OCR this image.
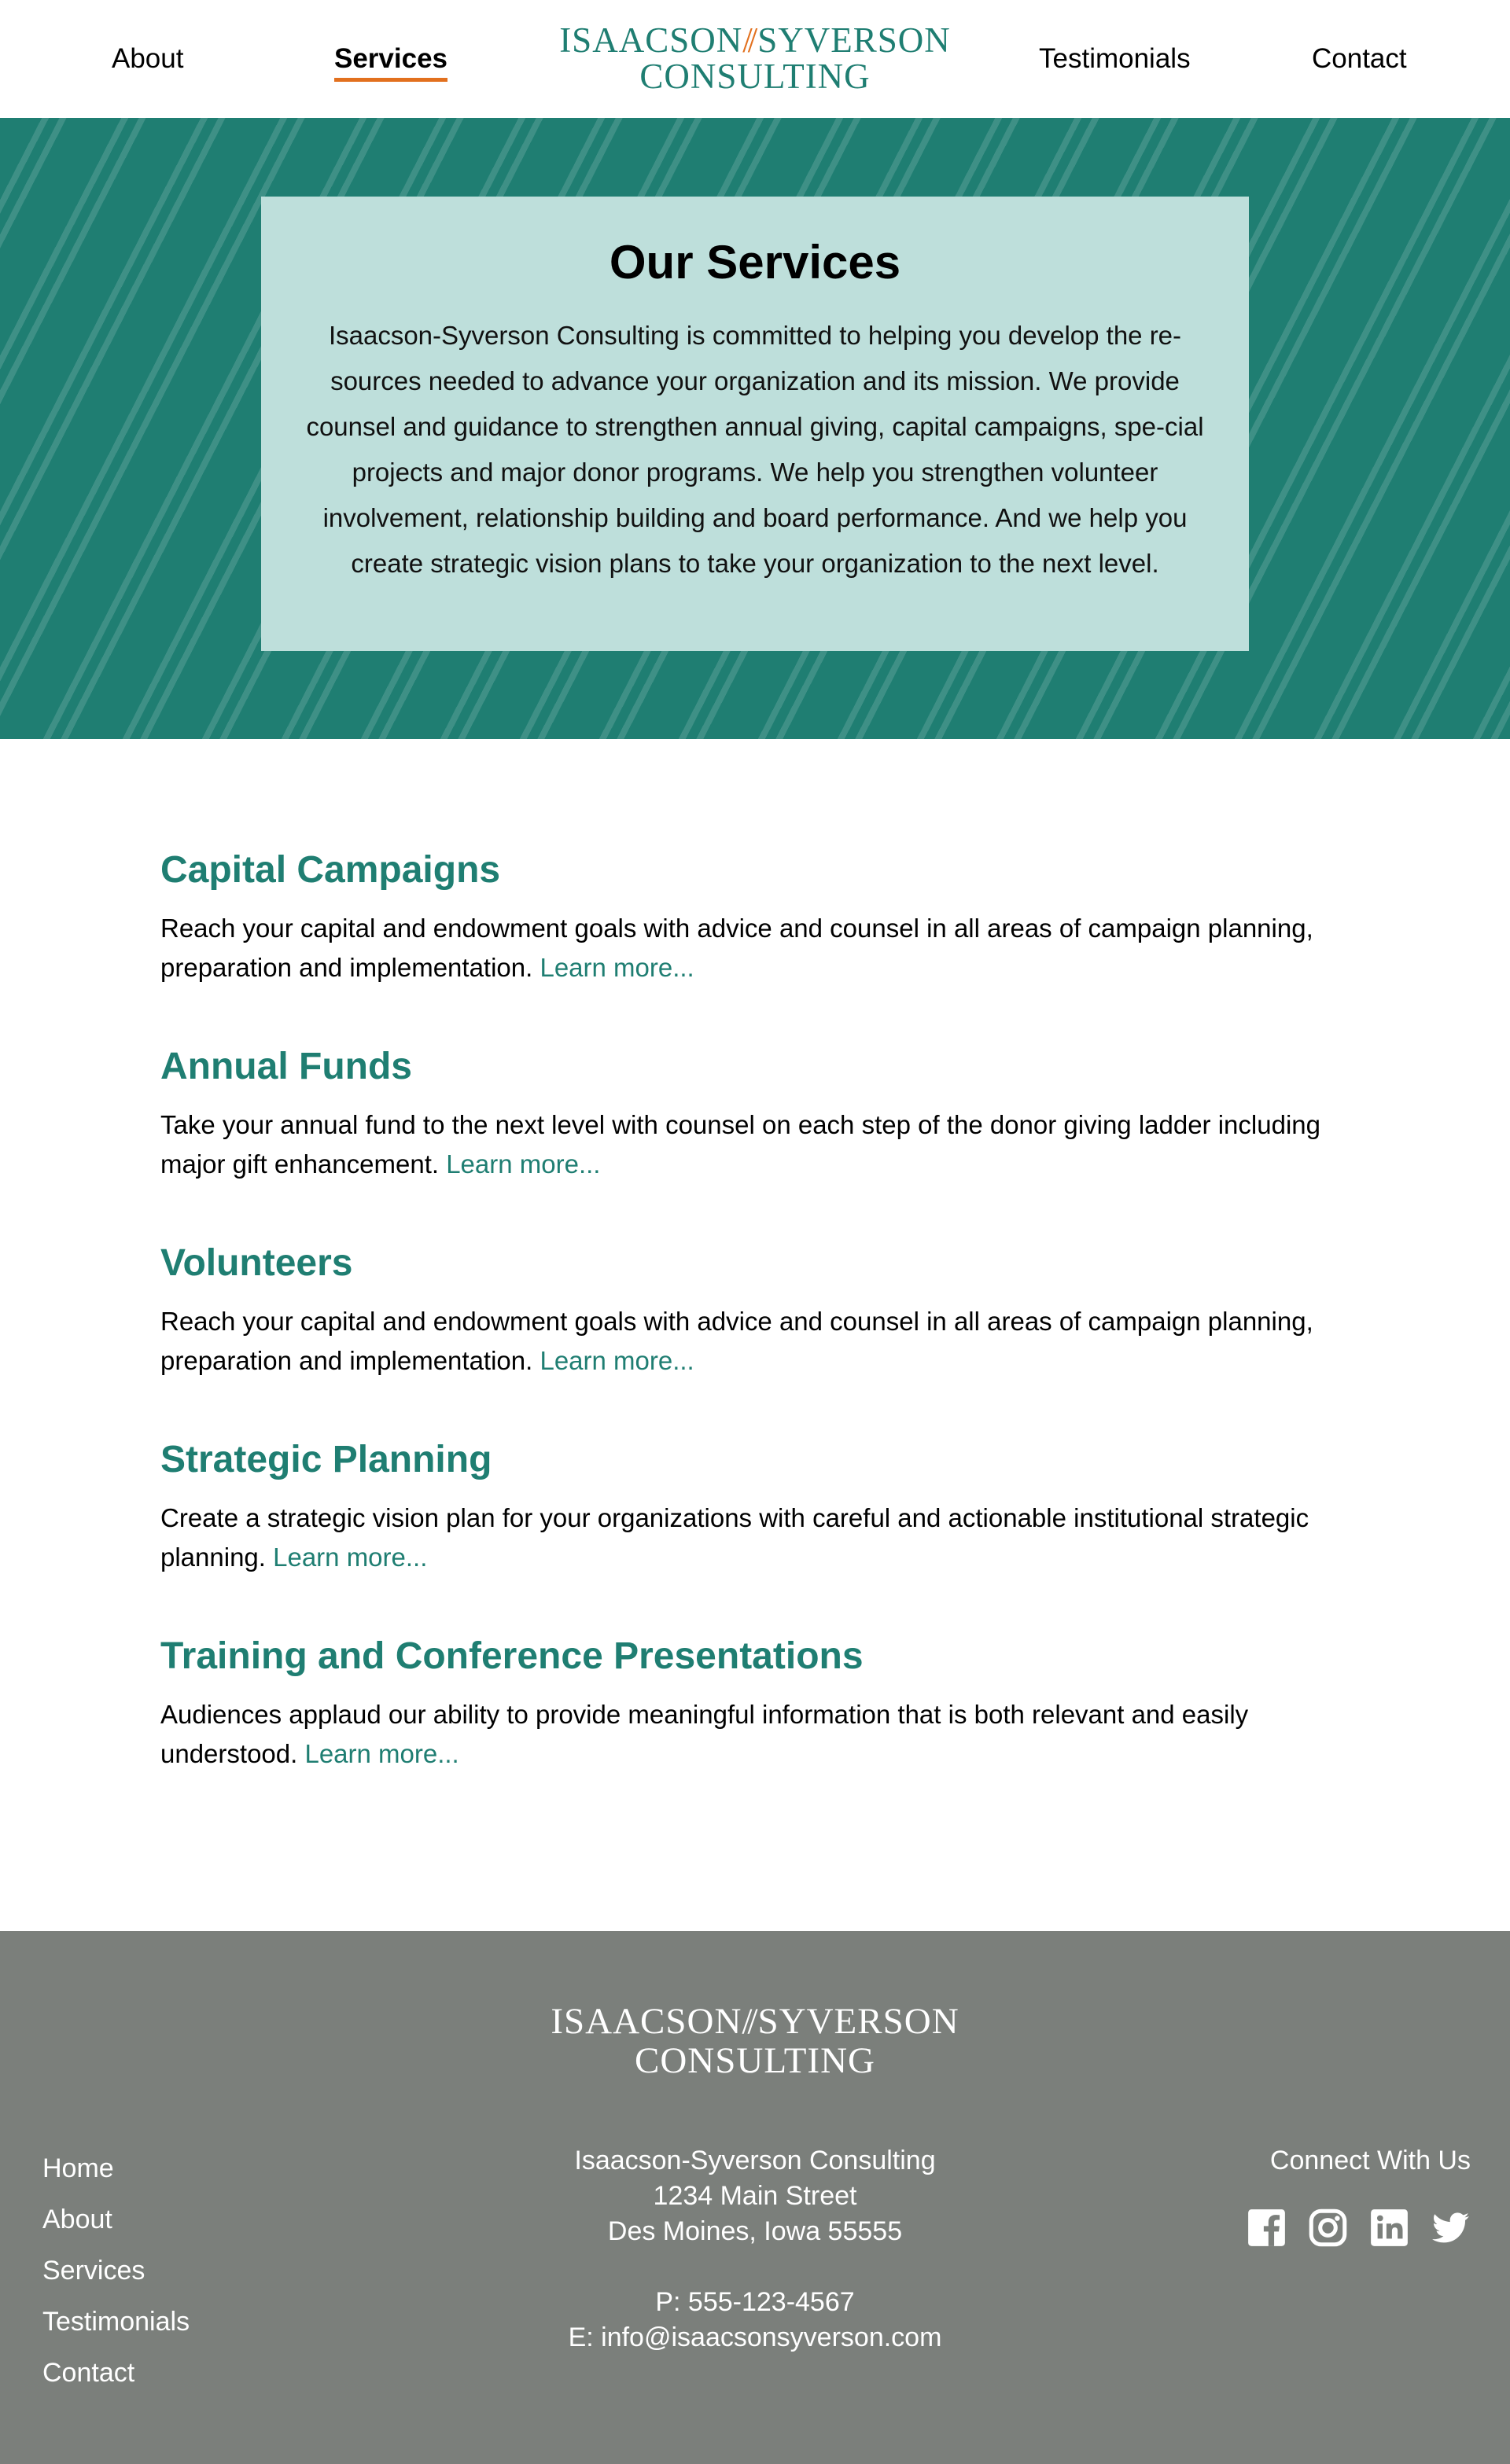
About	Services	ISAACSON// SYVERSON
CONSULTING	Testimonials	Contact
Our Services

Isaacson-Syverson Consulting is committed to helping you develop the re-sources needed to advance your organization and its mission. We provide counsel and guidance to strengthen annual giving, capital campaigns, spe-cial projects and major donor programs. We help you strengthen volunteer involvement, relationship building and board performance. And we help you create strategic vision plans to take your organization to the next level.

Capital Campaigns

Reach your capital and endowment goals with advice and counsel in all areas of campaign planning, preparation and implementation. Learn more...

Annual Funds

Take your annual fund to the next level with counsel on each step of the donor giving ladder including major gift enhancement. Learn more...

Volunteers

Reach your capital and endowment goals with advice and counsel in all areas of campaign planning, preparation and implementation. Learn more...

Strategic Planning

Create a strategic vision plan for your organizations with careful and actionable institutional strategic planning. Learn more...

Training and Conference Presentations

Audiences applaud our ability to provide meaningful information that is both relevant and easily understood. Learn more...

ISAACSON// SYVERSON
CONSULTING
Home
About
Services
Testimonials
Contact
Isaacson-Syverson Consulting
1234 Main Street
Des Moines, Iowa 55555
P: 555-123-4567
E: info@isaacsonsyverson.com
Connect With Us
